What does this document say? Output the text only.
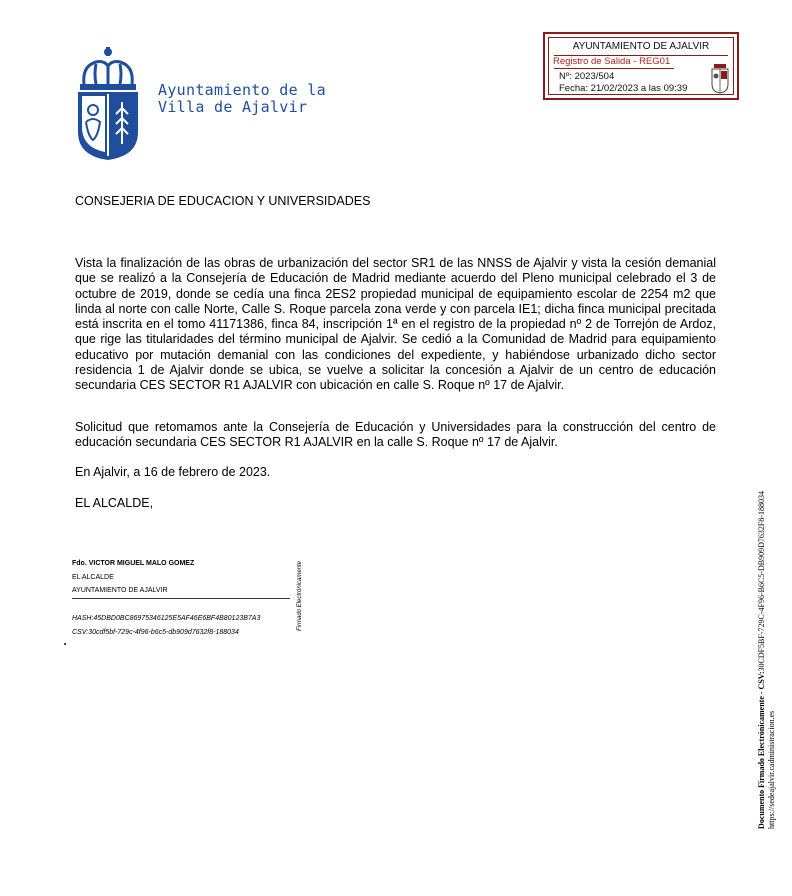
Ayuntamiento de la
Villa de Ajalvir
AYUNTAMIENTO DE AJALVIR
Registro de Salida - REG01
Nº: 2023/504
Fecha: 21/02/2023 a las 09:39
CONSEJERIA DE EDUCACION Y UNIVERSIDADES
Vista la finalización de las obras de urbanización del sector SR1 de las NNSS de Ajalvir y vista la cesión demanial que se realizó a la Consejería de Educación de Madrid mediante acuerdo del Pleno municipal celebrado el 3 de octubre de 2019, donde se cedía una finca 2ES2 propiedad municipal de equipamiento escolar de 2254 m2 que linda al norte con calle Norte, Calle S. Roque parcela zona verde y con parcela IE1; dicha finca municipal precitada está inscrita en el tomo 41171386, finca 84, inscripción 1ª en el registro de la propiedad nº 2 de Torrejón de Ardoz, que rige las titularidades del término municipal de Ajalvir. Se cedió a la Comunidad de Madrid para equipamiento educativo por mutación demanial con las condiciones del expediente, y habiéndose urbanizado dicho sector residencia 1 de Ajalvir donde se ubica, se vuelve a solicitar la concesión a Ajalvir de un centro de educación secundaria CES SECTOR R1 AJALVIR con ubicación en calle S. Roque nº 17 de Ajalvir.
Solicitud que retomamos ante la Consejería de Educación y Universidades para la construcción del centro de educación secundaria CES SECTOR R1 AJALVIR en la calle S. Roque nº 17 de Ajalvir.
En Ajalvir, a 16 de febrero de 2023.
EL ALCALDE,
Fdo. VICTOR MIGUEL MALO GOMEZ
EL ALCALDE
AYUNTAMIENTO DE AJALVIR
HASH:45DBD0BC86975346125E5AF46E6BF4B80123B7A3
CSV:30cdf5bf-729c-4f96-b6c5-db909d7632f8-188034
Firmado Electrónicamente
Documento Firmado Electrónicamente - CSV:30CDF5BF-729C-4F96-B6C5-DB909D7632F8-188034
https://sedeajalvir.cadministracion.es
